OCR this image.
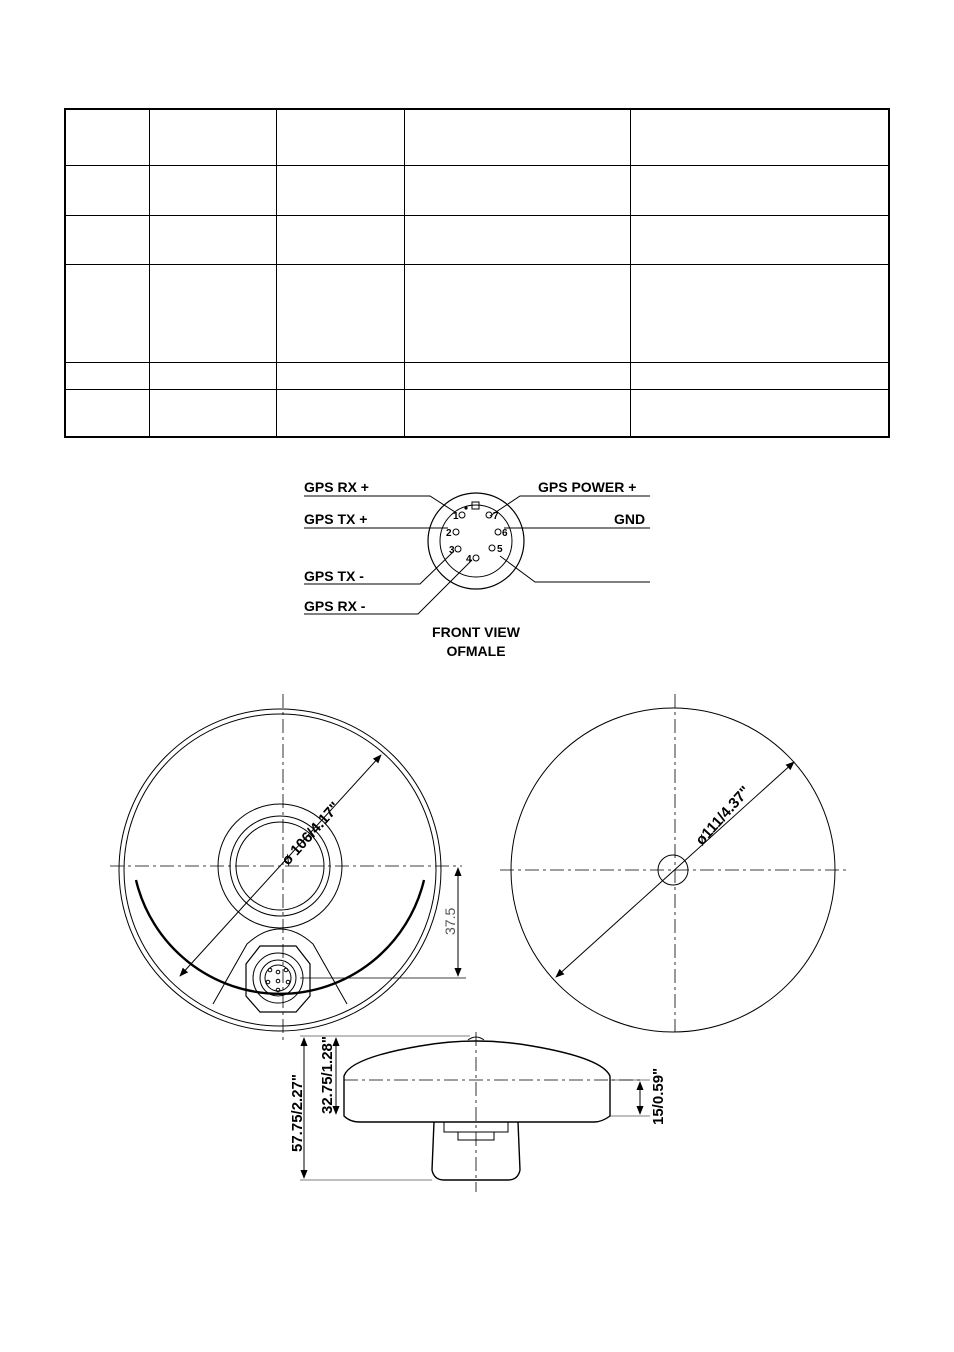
GPS RX +
GPS TX +
GPS TX -
GPS RX -
GPS POWER +
GND
1
2
3
4
5
6
7
FRONT VIEW
OFMALE
ø106/4.17"
37.5
ø111/4.37"
57.75/2.27" 32.75/1.28"	15/0.59"
